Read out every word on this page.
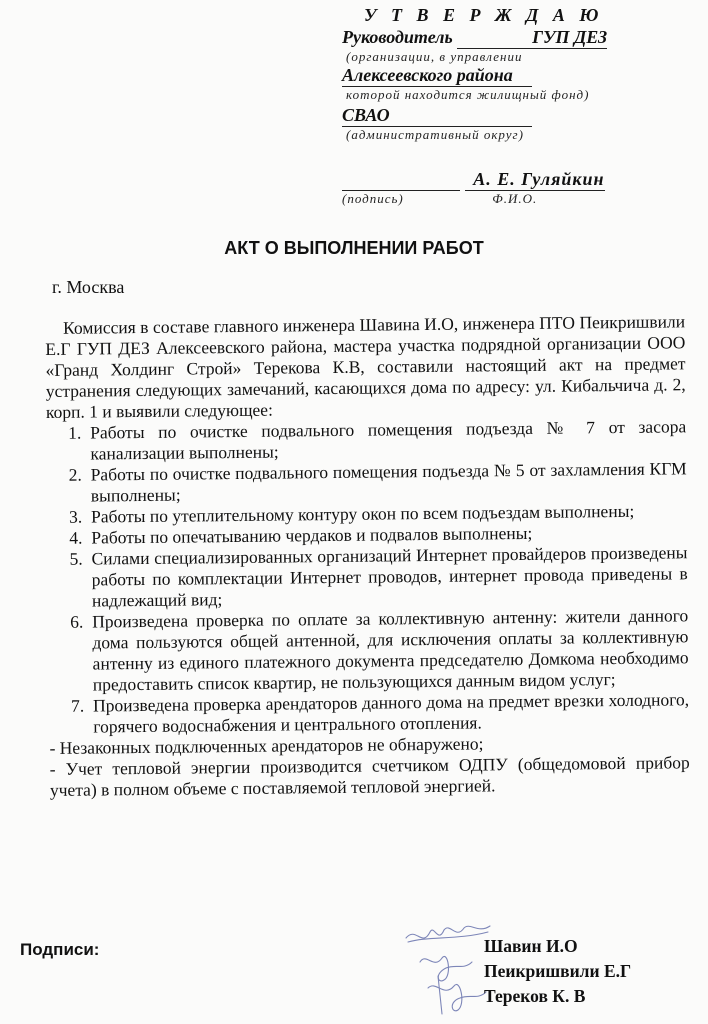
У Т В Е Р Ж Д А Ю
Руководитель	ГУП ДЕЗ
(организации, в управлении
Алексеевского района
которой находится жилищный фонд)
СВАО
(административный округ)
А. Е. Гуляйкин
(подпись)	Ф.И.О.
АКТ О ВЫПОЛНЕНИИ РАБОТ
г. Москва

Комиссия в составе главного инженера Шавина И.О, инженера ПТО Пеикришвили Е.Г ГУП ДЕЗ Алексеевского района, мастера участка подрядной организации ООО «Гранд Холдинг Строй» Терекова К.В, составили настоящий акт на предмет устранения следующих замечаний, касающихся дома по адресу: ул. Кибальчича д. 2, корп. 1 и выявили следующее:

1. Работы по очистке подвального помещения подъезда № 7 от засора канализации выполнены;
2. Работы по очистке подвального помещения подъезда № 5 от захламления КГМ выполнены;
3. Работы по утеплительному контуру окон по всем подъездам выполнены;
4. Работы по опечатыванию чердаков и подвалов выполнены;
5. Силами специализированных организаций Интернет провайдеров произведены работы по комплектации Интернет проводов, интернет провода приведены в надлежащий вид;
6. Произведена проверка по оплате за коллективную антенну: жители данного дома пользуются общей антенной, для исключения оплаты за коллективную антенну из единого платежного документа председателю Домкома необходимо предоставить список квартир, не пользующихся данным видом услуг;
7. Произведена проверка арендаторов данного дома на предмет врезки холодного, горячего водоснабжения и центрального отопления.

- Незаконных подключенных арендаторов не обнаружено;

- Учет тепловой энергии производится счетчиком ОДПУ (общедомовой прибор учета) в полном объеме с поставляемой тепловой энергией.

Подписи:	Шавин И.О
Пеикришвили Е.Г
Тереков К. В
